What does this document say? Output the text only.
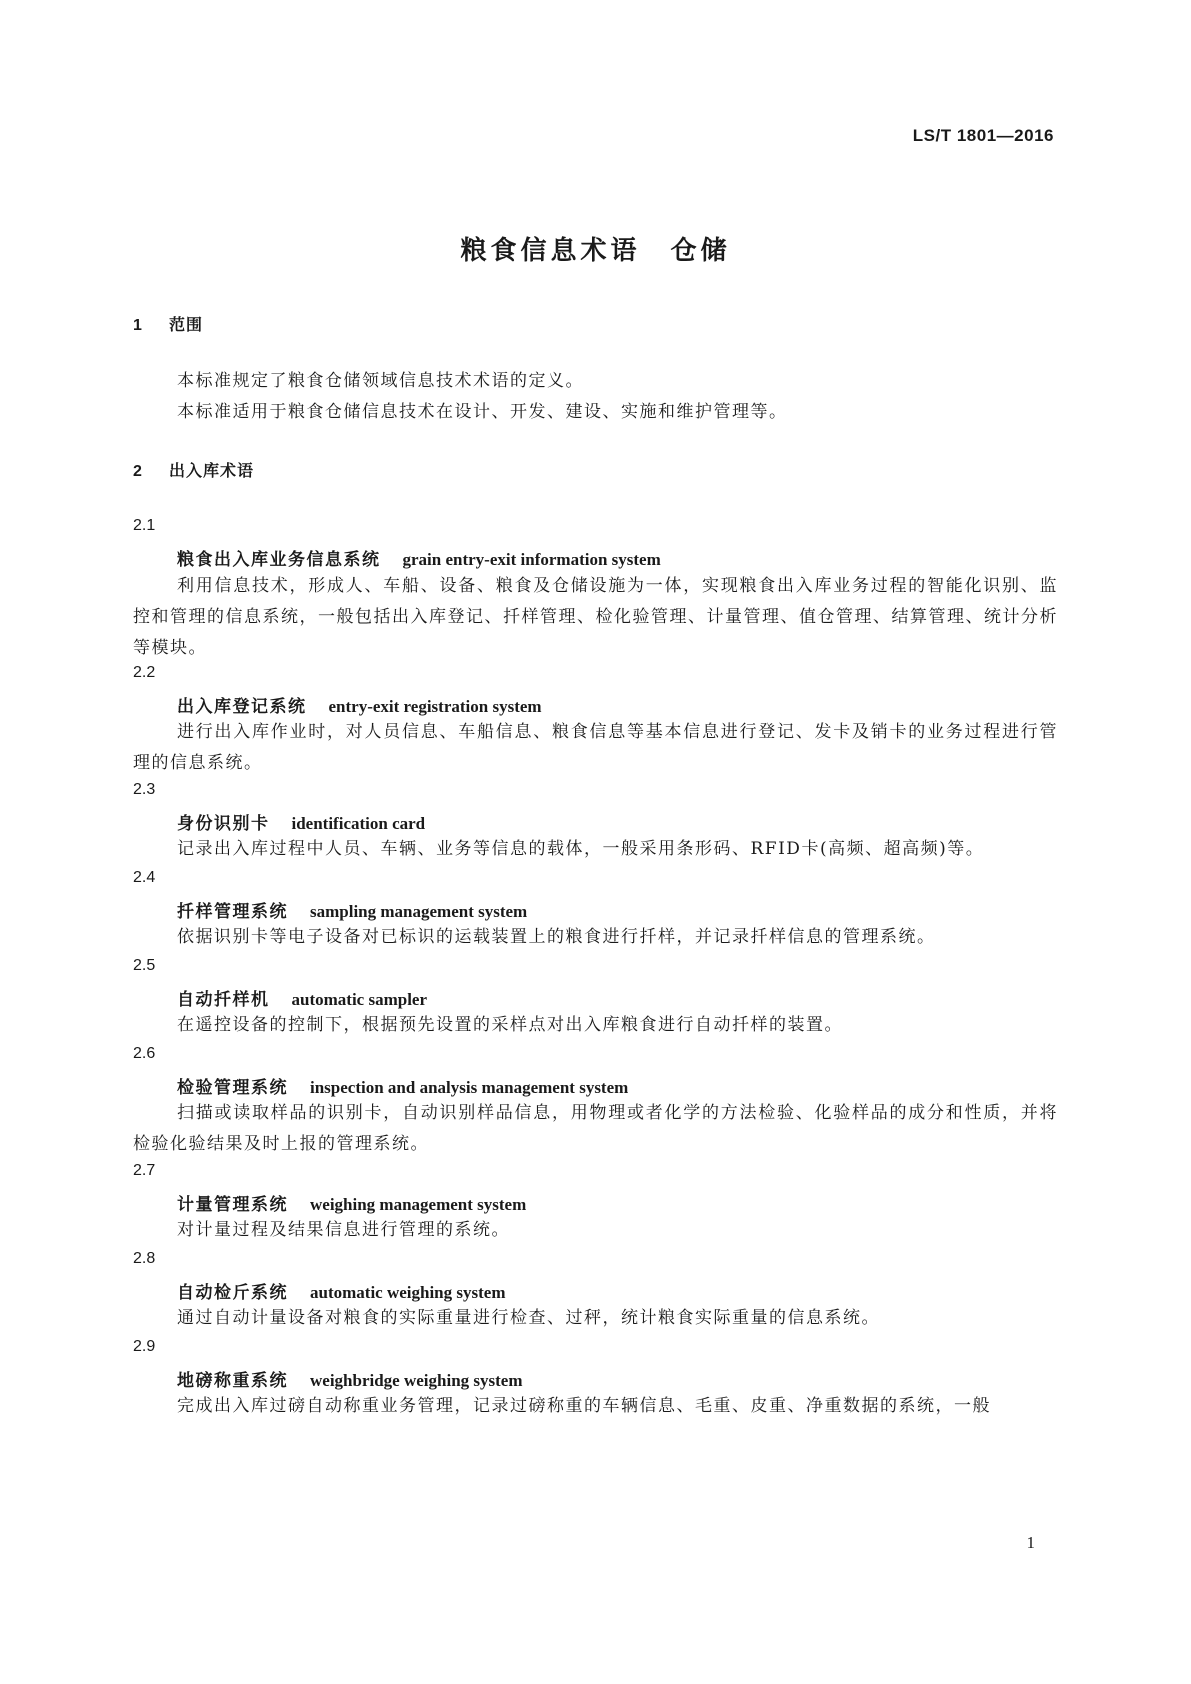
LS/T 1801—2016
粮食信息术语　仓储
1 范围
本标准规定了粮食仓储领域信息技术术语的定义。
本标准适用于粮食仓储信息技术在设计、开发、建设、实施和维护管理等。
2 出入库术语
2.1
粮食出入库业务信息系统 grain entry-exit information system
利用信息技术，形成人、车船、设备、粮食及仓储设施为一体，实现粮食出入库业务过程的智能化识别、监控和管理的信息系统，一般包括出入库登记、扦样管理、检化验管理、计量管理、值仓管理、结算管理、统计分析等模块。
2.2
出入库登记系统 entry-exit registration system
进行出入库作业时，对人员信息、车船信息、粮食信息等基本信息进行登记、发卡及销卡的业务过程进行管理的信息系统。
2.3
身份识别卡 identification card
记录出入库过程中人员、车辆、业务等信息的载体，一般采用条形码、RFID卡(高频、超高频)等。
2.4
扦样管理系统 sampling management system
依据识别卡等电子设备对已标识的运载装置上的粮食进行扦样，并记录扦样信息的管理系统。
2.5
自动扦样机 automatic sampler
在遥控设备的控制下，根据预先设置的采样点对出入库粮食进行自动扦样的装置。
2.6
检验管理系统 inspection and analysis management system
扫描或读取样品的识别卡，自动识别样品信息，用物理或者化学的方法检验、化验样品的成分和性质，并将检验化验结果及时上报的管理系统。
2.7
计量管理系统 weighing management system
对计量过程及结果信息进行管理的系统。
2.8
自动检斤系统 automatic weighing system
通过自动计量设备对粮食的实际重量进行检查、过秤，统计粮食实际重量的信息系统。
2.9
地磅称重系统 weighbridge weighing system
完成出入库过磅自动称重业务管理，记录过磅称重的车辆信息、毛重、皮重、净重数据的系统，一般
1
